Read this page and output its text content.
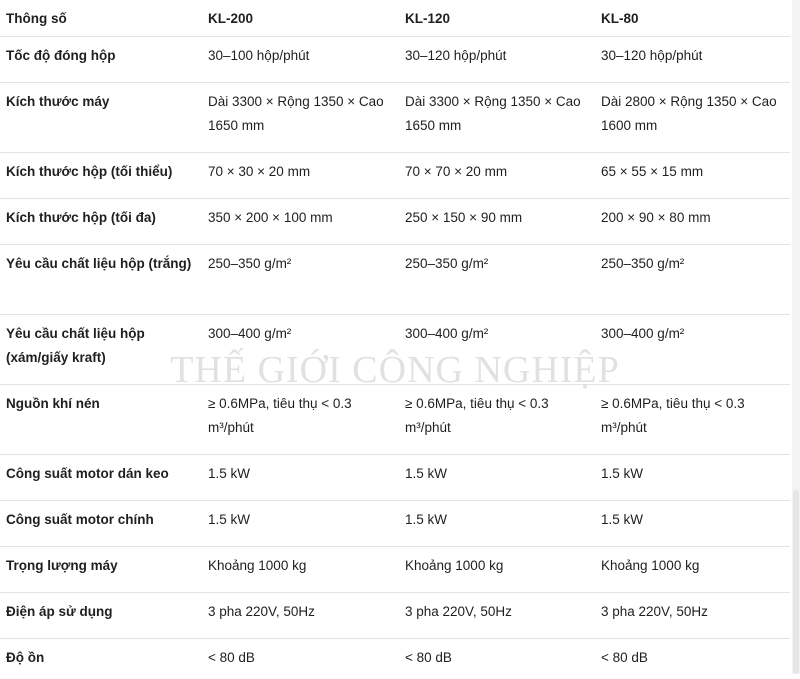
Thông số	KL-200	KL-120	KL-80
Tốc độ đóng hộp	30–100 hộp/phút	30–120 hộp/phút	30–120 hộp/phút
Kích thước máy	Dài 3300 × Rộng 1350 × Cao 1650 mm	Dài 3300 × Rộng 1350 × Cao 1650 mm	Dài 2800 × Rộng 1350 × Cao 1600 mm
Kích thước hộp (tối thiểu)	70 × 30 × 20 mm	70 × 70 × 20 mm	65 × 55 × 15 mm
Kích thước hộp (tối đa)	350 × 200 × 100 mm	250 × 150 × 90 mm	200 × 90 × 80 mm
Yêu cầu chất liệu hộp (trắng)	250–350 g/m²	250–350 g/m²	250–350 g/m²
Yêu cầu chất liệu hộp (xám/giấy kraft)	300–400 g/m²	300–400 g/m²	300–400 g/m²
Nguồn khí nén	≥ 0.6MPa, tiêu thụ < 0.3 m³/phút	≥ 0.6MPa, tiêu thụ < 0.3 m³/phút	≥ 0.6MPa, tiêu thụ < 0.3 m³/phút
Công suất motor dán keo	1.5 kW	1.5 kW	1.5 kW
Công suất motor chính	1.5 kW	1.5 kW	1.5 kW
Trọng lượng máy	Khoảng 1000 kg	Khoảng 1000 kg	Khoảng 1000 kg
Điện áp sử dụng	3 pha 220V, 50Hz	3 pha 220V, 50Hz	3 pha 220V, 50Hz
Độ ồn	< 80 dB	< 80 dB	< 80 dB
THẾ GIỚI CÔNG NGHIỆP
